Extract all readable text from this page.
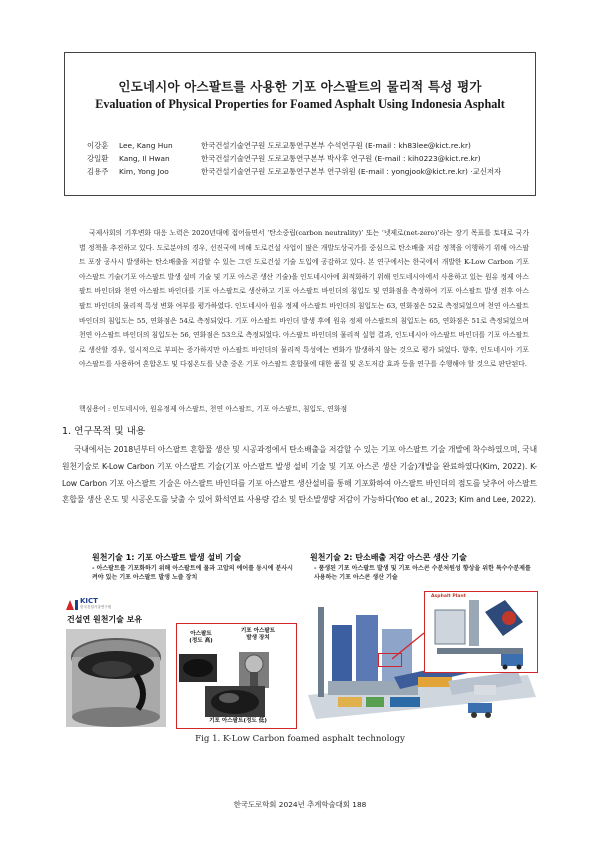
인도네시아 아스팔트를 사용한 기포 아스팔트의 물리적 특성 평가
Evaluation of Physical Properties for Foamed Asphalt Using Indonesia Asphalt
이강훈	Lee, Kang Hun	한국건설기술연구원 도로교통연구본부 수석연구원 (E-mail : kh83lee@kict.re.kr)
강일환	Kang, Il Hwan	한국건설기술연구원 도로교통연구본부 박사후 연구원 (E-mail : kih0223@kict.re.kr)
김용주	Kim, Yong Joo	한국건설기술연구원 도로교통연구본부 연구위원 (E-mail : yongjook@kict.re.kr) ·교신저자

국제사회의 기후변화 대응 노력은 2020년대에 접어들면서 ‘탄소중립(carbon neutrality)’ 또는 ‘넷제로(net-zero)’라는 장기 목표를 토대로 국가별 정책을 추진하고 있다. 도로분야의 경우, 선진국에 비해 도로건설 사업이 많은 개발도상국가를 중심으로 탄소배출 저감 정책을 이행하기 위해 아스팔트 포장 공사시 발생하는 탄소배출을 저감할 수 있는 그린 도로건설 기술 도입에 공감하고 있다. 본 연구에서는 한국에서 개발한 K-Low Carbon 기포 아스팔트 기술(기포 아스팔트 발생 설비 기술 및 기포 아스콘 생산 기술)을 인도네시아에 최적화하기 위해 인도네시아에서 사용하고 있는 원유 정제 아스팔트 바인더와 천연 아스팔트 바인더를 기포 아스팔트로 생산하고 기포 아스팔트 바인더의 침입도 및 연화점을 측정하여 기포 아스팔트 발생 전후 아스팔트 바인더의 물리적 특성 변화 여부를 평가하였다. 인도네시아 원유 정제 아스팔트 바인더의 침입도는 63, 연화점은 52로 측정되었으며 천연 아스팔트 바인더의 침입도는 55, 연화점은 54로 측정되었다. 기포 아스팔트 바인더 발생 후에 원유 정제 아스팔트의 침입도는 65, 연화점은 51로 측정되었으며 천연 아스팔트 바인더의 침입도는 56, 연화점은 53으로 측정되었다. 아스팔트 바인더의 물리적 실험 결과, 인도네시아 아스팔트 바인더를 기포 아스팔트로 생산할 경우, 일시적으로 부피는 증가하지만 아스팔트 바인더의 물리적 특성에는 변화가 발생하지 않는 것으로 평가 되었다. 향후, 인도네시아 기포 아스팔트를 사용하여 혼합온도 및 다짐온도를 낮춘 중온 기포 아스팔트 혼합물에 대한 품질 및 온도저감 효과 등을 연구를 수행해야 할 것으로 판단된다.

핵심용어 : 인도네시아, 원유정제 아스팔트, 천연 아스팔트, 기포 아스팔트, 침입도, 연화점
1. 연구목적 및 내용

국내에서는 2018년부터 아스팔트 혼합물 생산 및 시공과정에서 탄소배출을 저감할 수 있는 기포 아스팔트 기술 개발에 착수하였으며, 국내 원천기술로 K-Low Carbon 기포 아스팔트 기술(기포 아스팔트 발생 설비 기술 및 기포 아스콘 생산 기술)개발을 완료하였다(Kim, 2022). K-Low Carbon 기포 아스팔트 기술은 아스팔트 바인더를 기포 아스팔트 생산설비를 통해 기포화하여 아스팔트 바인더의 점도를 낮추어 아스팔트 혼합물 생산 온도 및 시공온도를 낮출 수 있어 화석연료 사용량 감소 및 탄소발생량 저감이 가능하다(Yoo et al., 2023; Kim and Lee, 2022).

원천기술 1: 기포 아스팔트 발생 설비 기술
- 아스팔트를 기포화하기 위해 아스팔트에 물과 고압의 에어를 동시에 분사시켜야 있는 기포 아스팔트 발생 노즐 장치
KICT
한국건설기술연구원
건설연 원천기술 보유
아스팔트
(정도 高)
기포 아스팔트
발생 장치
기포 아스팔트(정도 低)
원천기술 2: 탄소배출 저감 아스콘 생산 기술
- 품생된 기포 아스팔트 발생 및 기포 아스콘 수분처원성 향상을 위한 특수수분제를 사용하는 기포 아스콘 생산 기술
Asphalt Plant
Fig 1. K-Low Carbon foamed asphalt technology
한국도로학회 2024년 추계학술대회 188
